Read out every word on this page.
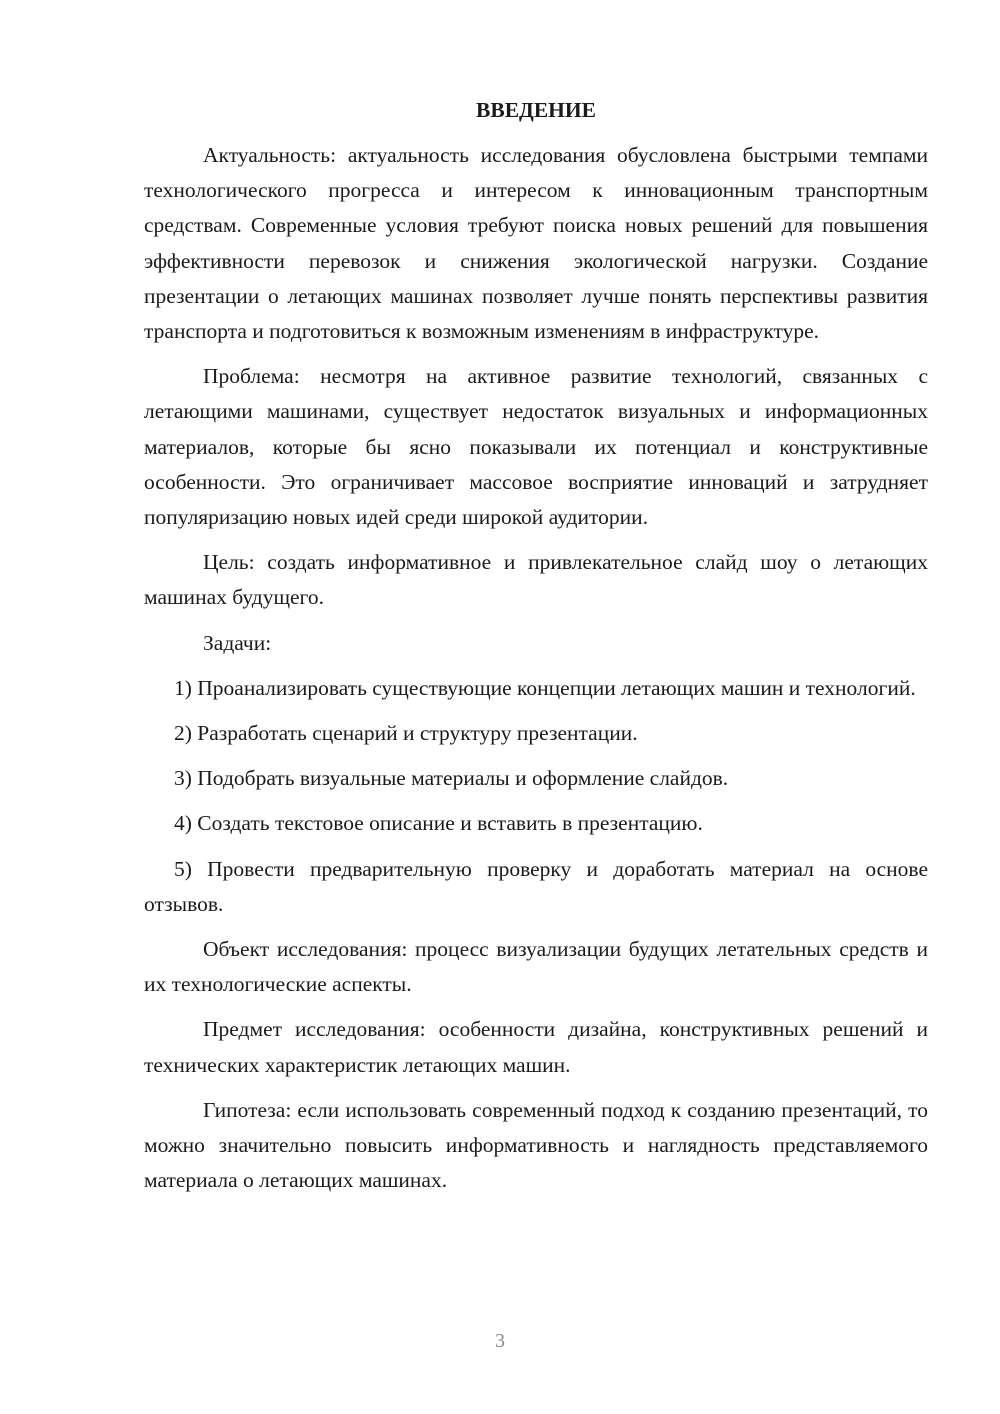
ВВЕДЕНИЕ

Актуальность: актуальность исследования обусловлена быстрыми темпами технологического прогресса и интересом к инновационным транспортным средствам. Современные условия требуют поиска новых решений для повышения эффективности перевозок и снижения экологической нагрузки. Создание презентации о летающих машинах позволяет лучше понять перспективы развития транспорта и подготовиться к возможным изменениям в инфраструктуре.

Проблема: несмотря на активное развитие технологий, связанных с летающими машинами, существует недостаток визуальных и информационных материалов, которые бы ясно показывали их потенциал и конструктивные особенности. Это ограничивает массовое восприятие инноваций и затрудняет популяризацию новых идей среди широкой аудитории.

Цель: создать информативное и привлекательное слайд шоу о летающих машинах будущего.

Задачи:

1) Проанализировать существующие концепции летающих машин и технологий.

2) Разработать сценарий и структуру презентации.

3) Подобрать визуальные материалы и оформление слайдов.

4) Создать текстовое описание и вставить в презентацию.

5) Провести предварительную проверку и доработать материал на основе отзывов.

Объект исследования: процесс визуализации будущих летательных средств и их технологические аспекты.

Предмет исследования: особенности дизайна, конструктивных решений и технических характеристик летающих машин.

Гипотеза: если использовать современный подход к созданию презентаций, то можно значительно повысить информативность и наглядность представляемого материала о летающих машинах.

3
